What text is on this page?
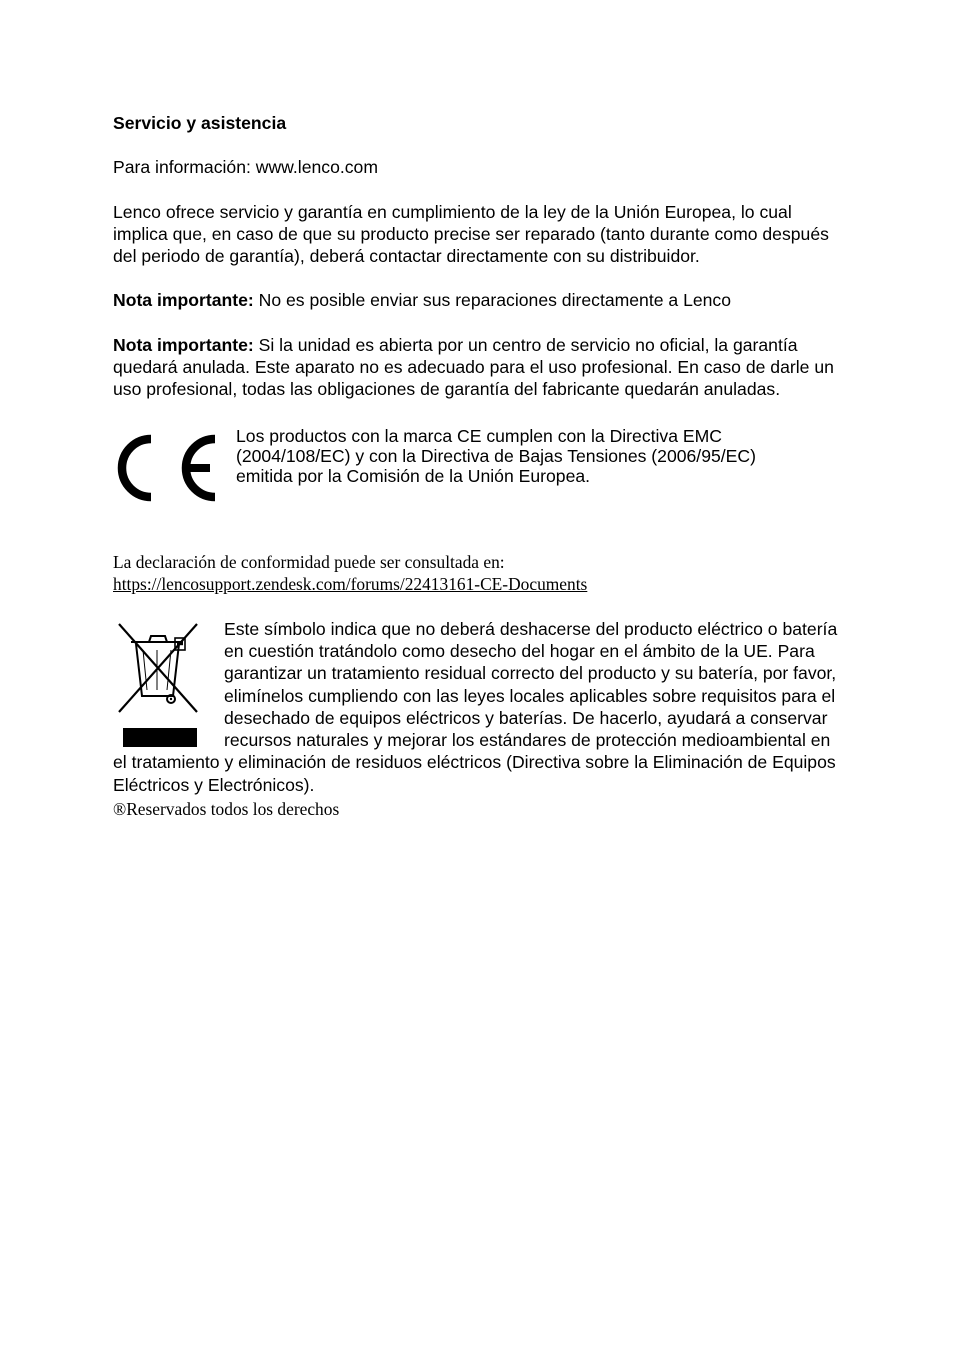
Servicio y asistencia

Para información: www.lenco.com

Lenco ofrece servicio y garantía en cumplimiento de la ley de la Unión Europea, lo cual implica que, en caso de que su producto precise ser reparado (tanto durante como después del periodo de garantía), deberá contactar directamente con su distribuidor.

Nota importante: No es posible enviar sus reparaciones directamente a Lenco

Nota importante: Si la unidad es abierta por un centro de servicio no oficial, la garantía quedará anulada. Este aparato no es adecuado para el uso profesional. En caso de darle un uso profesional, todas las obligaciones de garantía del fabricante quedarán anuladas.

Los productos con la marca CE cumplen con la Directiva EMC
(2004/108/EC) y con la Directiva de Bajas Tensiones (2006/95/EC)
emitida por la Comisión de la Unión Europea.

La declaración de conformidad puede ser consultada en:

https://lencosupport.zendesk.com/forums/22413161-CE-Documents

Este símbolo indica que no deberá deshacerse del producto eléctrico o batería en cuestión tratándolo como desecho del hogar en el ámbito de la UE. Para garantizar un tratamiento residual correcto del producto y su batería, por favor, elimínelos cumpliendo con las leyes locales aplicables sobre requisitos para el desechado de equipos eléctricos y baterías. De hacerlo, ayudará a conservar recursos naturales y mejorar los estándares de protección medioambiental en el tratamiento y eliminación de residuos eléctricos (Directiva sobre la Eliminación de Equipos Eléctricos y Electrónicos).

®Reservados todos los derechos
